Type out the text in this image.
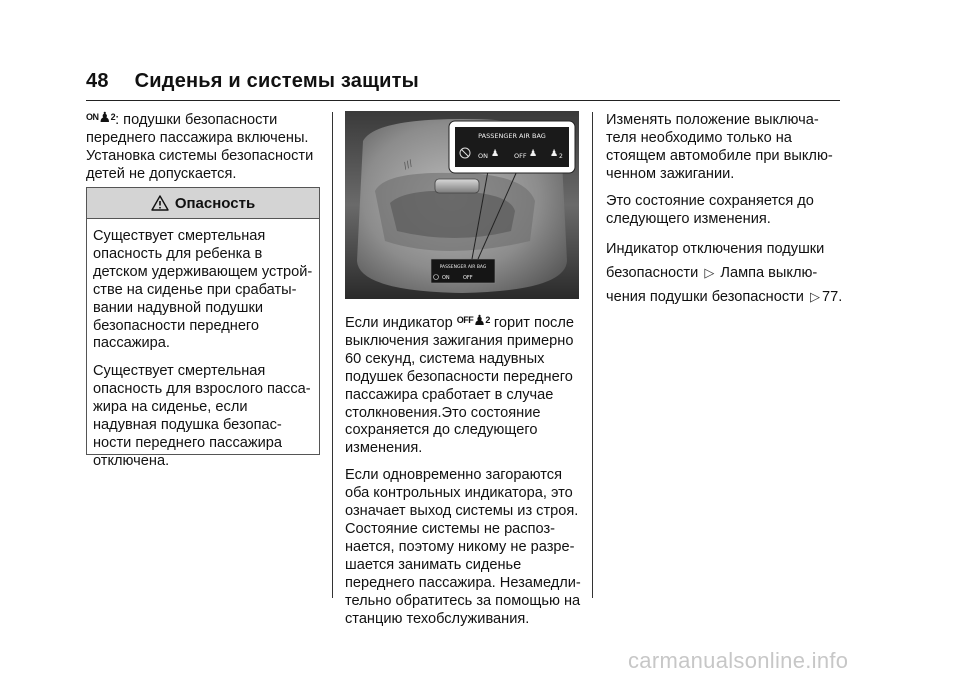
48 Сиденья и системы защиты
ON♟2: подушки безопасности
переднего пассажира включены.
Установка системы безопасности
детей не допускается.
Опасность

Существует смертельная
опасность для ребенка в
детском удерживающем устрой-
стве на сиденье при срабаты-
вании надувной подушки
безопасности переднего
пассажира.

Существует смертельная
опасность для взрослого пасса-
жира на сиденье, если
надувная подушка безопас-
ности переднего пассажира
отключена.

///
PASSENGER AIR BAG
ON	OFF
PASSENGER AIR BAG
ON ♟ OFF ♟ ♟ 2

Если индикатор OFF♟2 горит после
выключения зажигания примерно
60 секунд, система надувных
подушек безопасности переднего
пассажира сработает в случае
столкновения.Это состояние
сохраняется до следующего
изменения.

Если одновременно загораются
оба контрольных индикатора, это
означает выход системы из строя.
Состояние системы не распоз-
нается, поэтому никому не разре-
шается занимать сиденье
переднего пассажира. Незамедли-
тельно обратитесь за помощью на
станцию техобслуживания.

Изменять положение выключа-
теля необходимо только на
стоящем автомобиле при выклю-
ченном зажигании.

Это состояние сохраняется до
следующего изменения.

Индикатор отключения подушки
безопасности ▷ Лампа выклю-
чения подушки безопасности ▷ 77.

carmanualsonline.info
